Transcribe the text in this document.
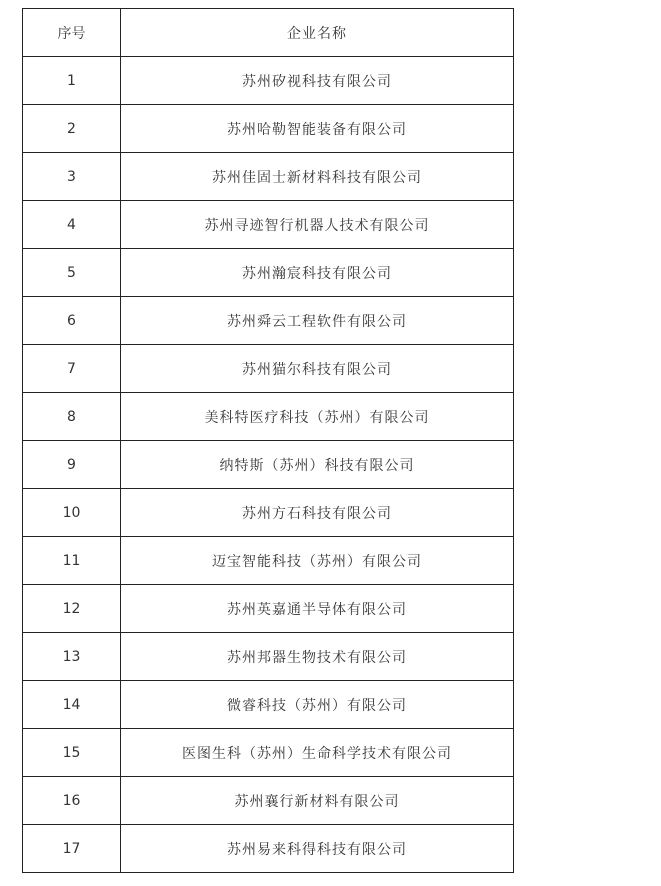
序号	企业名称
1	苏州矽视科技有限公司
2	苏州哈勒智能装备有限公司
3	苏州佳固士新材料科技有限公司
4	苏州寻迹智行机器人技术有限公司
5	苏州瀚宸科技有限公司
6	苏州舜云工程软件有限公司
7	苏州猫尔科技有限公司
8	美科特医疗科技（苏州）有限公司
9	纳特斯（苏州）科技有限公司
10	苏州方石科技有限公司
11	迈宝智能科技（苏州）有限公司
12	苏州英嘉通半导体有限公司
13	苏州邦器生物技术有限公司
14	微睿科技（苏州）有限公司
15	医图生科（苏州）生命科学技术有限公司
16	苏州襄行新材料有限公司
17	苏州易来科得科技有限公司
